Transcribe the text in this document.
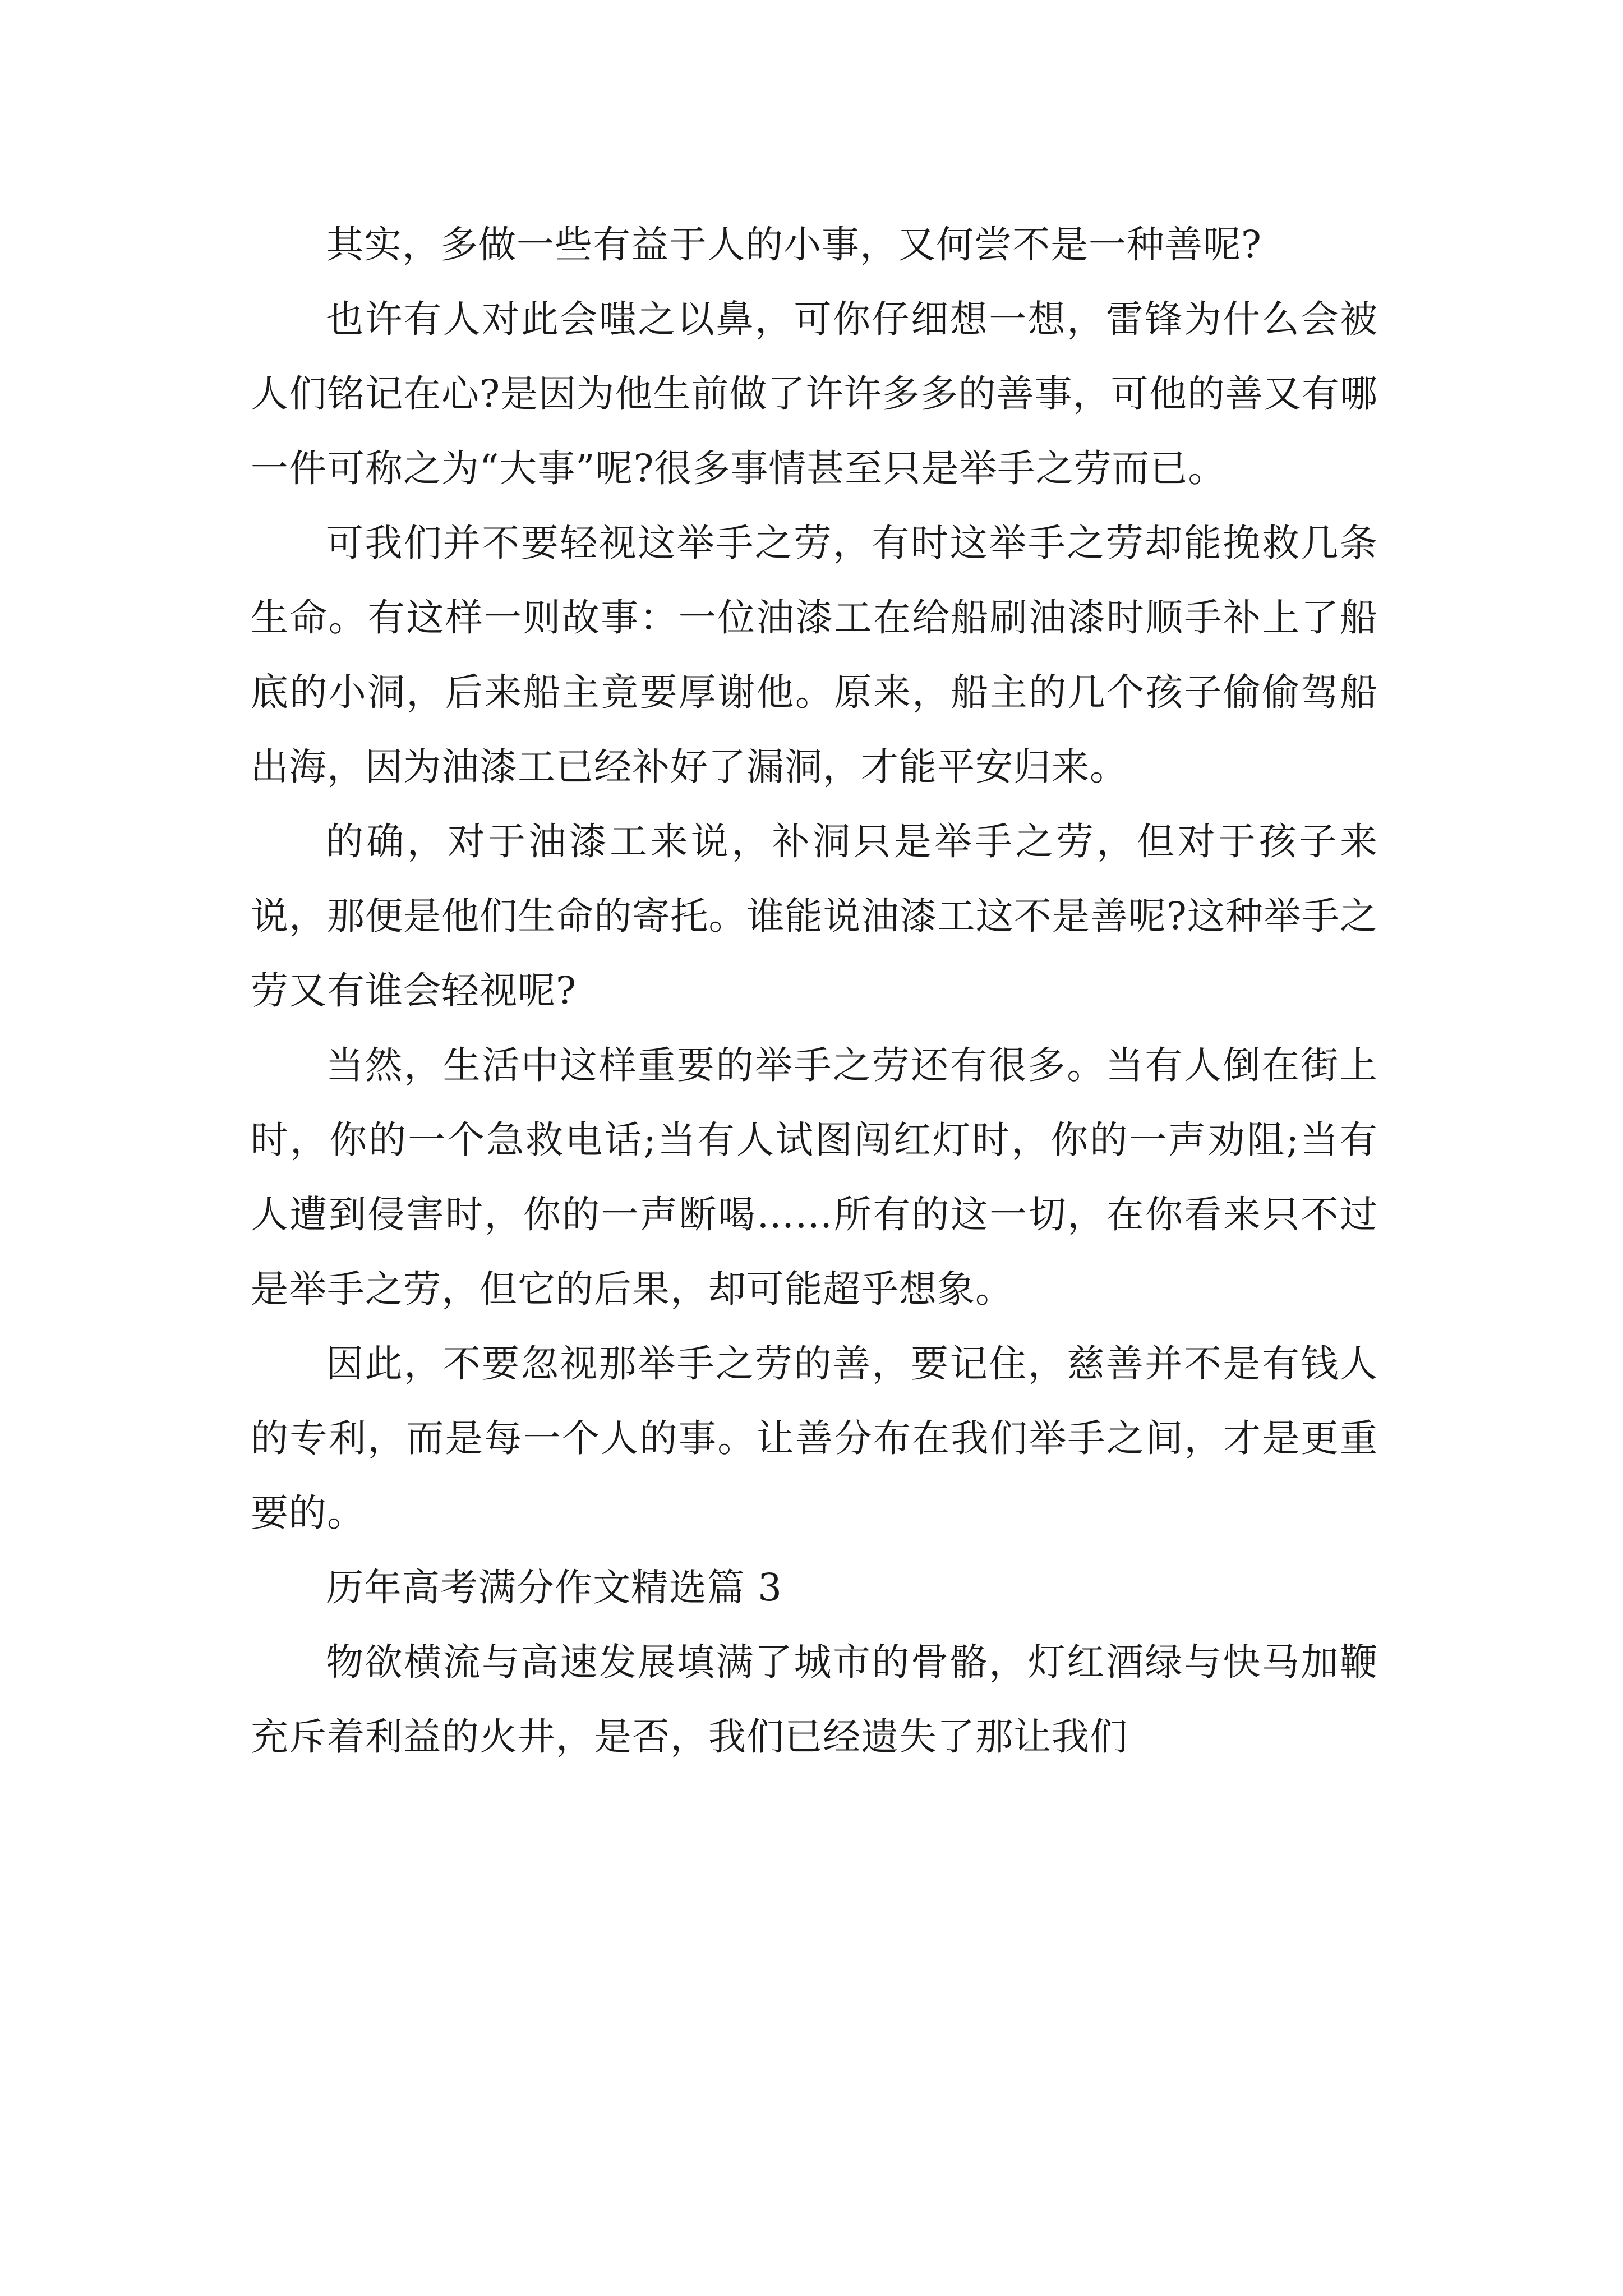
其实，多做一些有益于人的小事，又何尝不是一种善呢?

也许有人对此会嗤之以鼻，可你仔细想一想，雷锋为什么会被人们铭记在心?是因为他生前做了许许多多的善事，可他的善又有哪一件可称之为“大事”呢?很多事情甚至只是举手之劳而已。

可我们并不要轻视这举手之劳，有时这举手之劳却能挽救几条生命。有这样一则故事：一位油漆工在给船刷油漆时顺手补上了船底的小洞，后来船主竟要厚谢他。原来，船主的几个孩子偷偷驾船出海，因为油漆工已经补好了漏洞，才能平安归来。

的确，对于油漆工来说，补洞只是举手之劳，但对于孩子来说，那便是他们生命的寄托。谁能说油漆工这不是善呢?这种举手之劳又有谁会轻视呢?

当然，生活中这样重要的举手之劳还有很多。当有人倒在街上时，你的一个急救电话;当有人试图闯红灯时，你的一声劝阻;当有人遭到侵害时，你的一声断喝……所有的这一切，在你看来只不过是举手之劳，但它的后果，却可能超乎想象。

因此，不要忽视那举手之劳的善，要记住，慈善并不是有钱人的专利，而是每一个人的事。让善分布在我们举手之间，才是更重要的。

历年高考满分作文精选篇 3

物欲横流与高速发展填满了城市的骨骼，灯红酒绿与快马加鞭充斥着利益的火井，是否，我们已经遗失了那让我们
